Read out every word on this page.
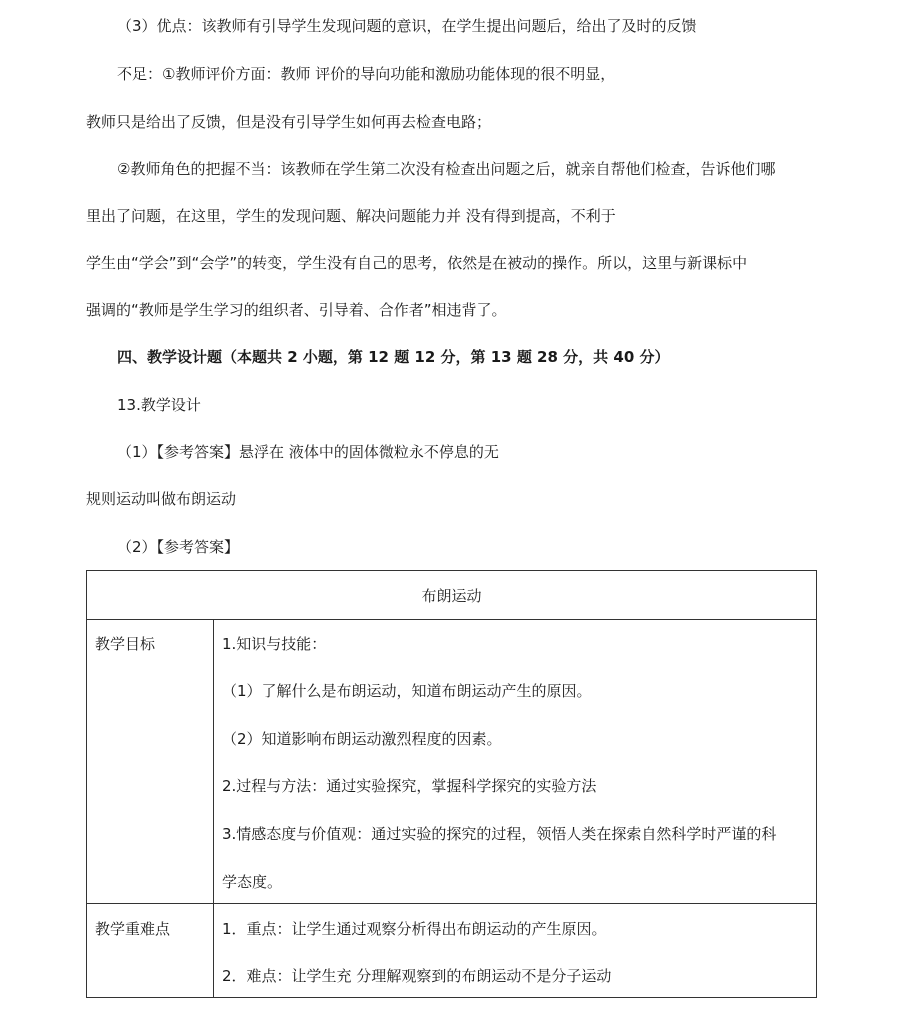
（3）优点：该教师有引导学生发现问题的意识，在学生提出问题后，给出了及时的反馈
不足：①教师评价方面：教师 评价的导向功能和激励功能体现的很不明显，
教师只是给出了反馈，但是没有引导学生如何再去检查电路；
②教师角色的把握不当：该教师在学生第二次没有检查出问题之后，就亲自帮他们检查，告诉他们哪
里出了问题，在这里，学生的发现问题、解决问题能力并 没有得到提高，不利于
学生由“学会”到“会学”的转变，学生没有自己的思考，依然是在被动的操作。所以，这里与新课标中
强调的“教师是学生学习的组织者、引导着、合作者”相违背了。
四、教学设计题（本题共 2 小题，第 12 题 12 分，第 13 题 28 分，共 40 分）
13.教学设计
（1）【参考答案】悬浮在 液体中的固体微粒永不停息的无
规则运动叫做布朗运动
（2）【参考答案】
布朗运动
教学目标	1.知识与技能：
（1）了解什么是布朗运动，知道布朗运动产生的原因。
（2）知道影响布朗运动激烈程度的因素。
2.过程与方法：通过实验探究，掌握科学探究的实验方法
3.情感态度与价值观：通过实验的探究的过程，领悟人类在探索自然科学时严谨的科
学态度。
教学重难点	1．重点：让学生通过观察分析得出布朗运动的产生原因。
2．难点：让学生充 分理解观察到的布朗运动不是分子运动
